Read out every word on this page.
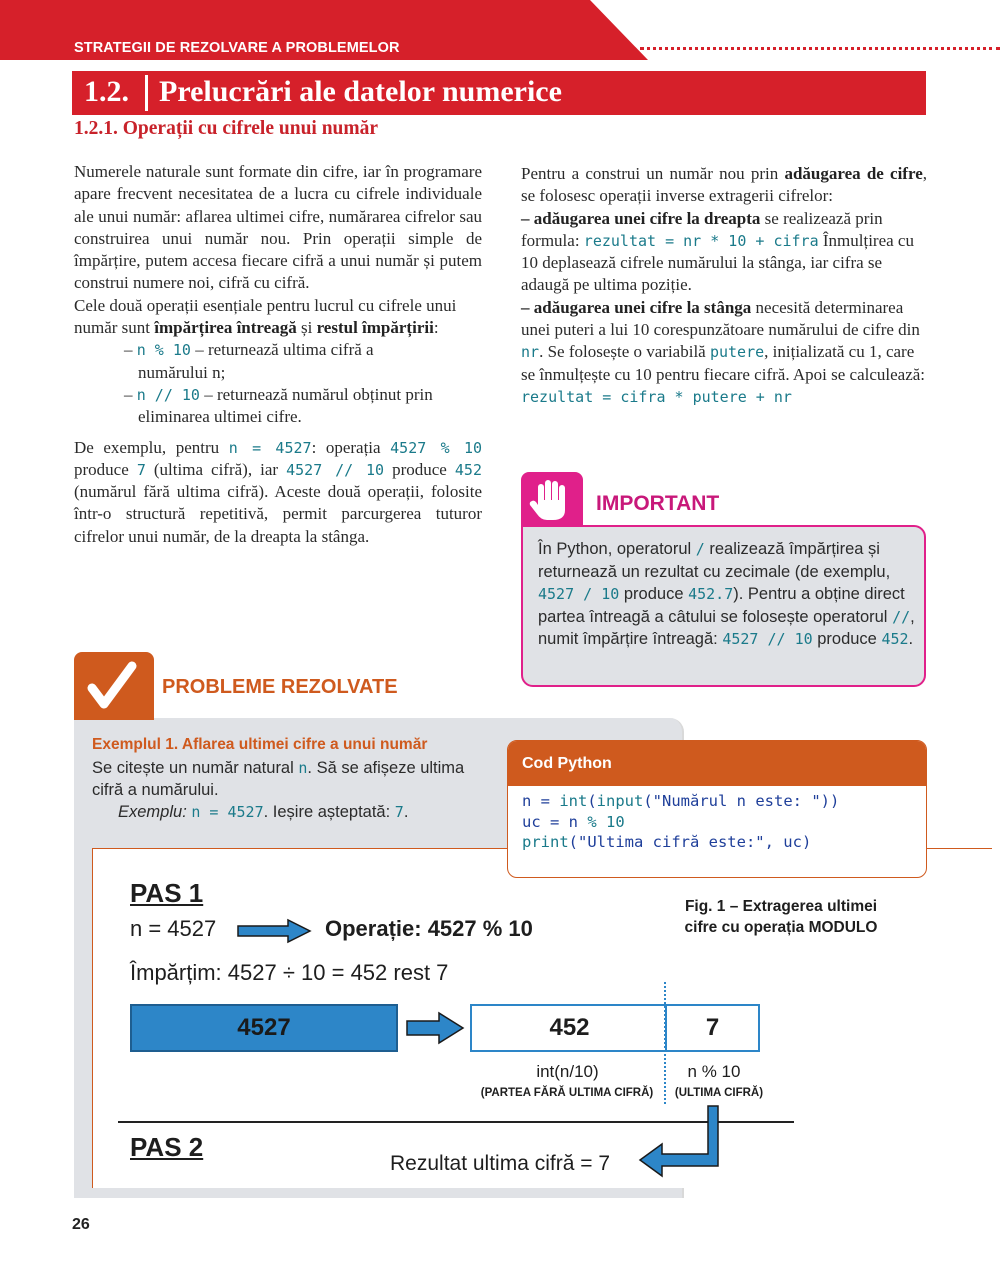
STRATEGII DE REZOLVARE A PROBLEMELOR
1.2. Prelucrări ale datelor numerice
1.2.1. Operații cu cifrele unui număr

Numerele naturale sunt formate din cifre, iar în programare apare frecvent necesitatea de a lucra cu cifrele individuale ale unui număr: aflarea ultimei cifre, numărarea cifrelor sau construirea unui număr nou. Prin operații simple de împărțire, putem accesa fiecare cifră a unui număr și putem construi numere noi, cifră cu cifră.

Cele două operații esențiale pentru lucrul cu cifrele unui număr sunt împărțirea întreagă și restul împărțirii:

– n % 10 – returnează ultima cifră a numărului n;

– n // 10 – returnează numărul obținut prin eliminarea ultimei cifre.

De exemplu, pentru n = 4527: operația 4527 % 10 produce 7 (ultima cifră), iar 4527 // 10 produce 452 (numărul fără ultima cifră). Aceste două operații, folosite într-o structură repetitivă, permit parcurgerea tuturor cifrelor unui număr, de la dreapta la stânga.

Pentru a construi un număr nou prin adăugarea de cifre, se folosesc operații inverse extragerii cifrelor:

– adăugarea unei cifre la dreapta se realizează prin formula: rezultat = nr * 10 + cifra Înmulțirea cu 10 deplasează cifrele numărului la stânga, iar cifra se adaugă pe ultima poziție.

– adăugarea unei cifre la stânga necesită determinarea unei puteri a lui 10 corespunzătoare numărului de cifre din nr. Se folosește o variabilă putere, inițializată cu 1, care se înmulțește cu 10 pentru fiecare cifră. Apoi se calculează: rezultat = cifra * putere + nr

IMPORTANT
În Python, operatorul / realizează împărțirea și returnează un rezultat cu zecimale (de exemplu, 4527 / 10 produce 452.7). Pentru a obține direct partea întreagă a câtului se folosește operatorul //, numit împărțire întreagă: 4527 // 10 produce 452.
PROBLEME REZOLVATE
Exemplul 1. Aflarea ultimei cifre a unui număr
Se citește un număr natural n. Să se afișeze ultima cifră a numărului.
Exemplu: n = 4527. Ieșire așteptată: 7.
Cod Python
n = int(input("Numărul n este: "))
uc = n % 10
print("Ultima cifră este:", uc)
PAS 1
n = 4527	Operație: 4527 % 10
Împărțim: 4527 ÷ 10 = 452 rest 7
4527	452	7
int(n/10)
(PARTEA FĂRĂ ULTIMA CIFRĂ)
n % 10
(ULTIMA CIFRĂ)
PAS 2
Rezultat ultima cifră = 7
Fig. 1 – Extragerea ultimei cifre cu operația MODULO
26
